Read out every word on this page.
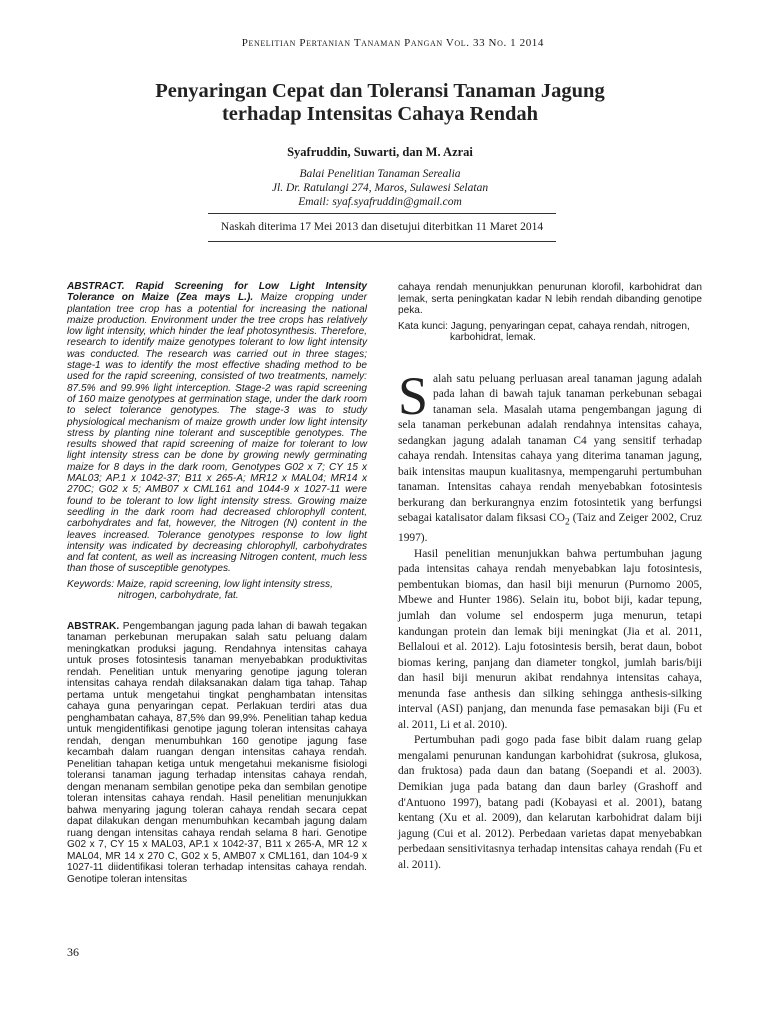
Penelitian Pertanian Tanaman Pangan Vol. 33 No. 1 2014
Penyaringan Cepat dan Toleransi Tanaman Jagung
terhadap Intensitas Cahaya Rendah
Syafruddin, Suwarti, dan M. Azrai
Balai Penelitian Tanaman Serealia
Jl. Dr. Ratulangi 274, Maros, Sulawesi Selatan
Email: syaf.syafruddin@gmail.com
Naskah diterima 17 Mei 2013 dan disetujui diterbitkan 11 Maret 2014

ABSTRACT. Rapid Screening for Low Light Intensity Tolerance on Maize (Zea mays L.). Maize cropping under plantation tree crop has a potential for increasing the national maize production. Environment under the tree crops has relatively low light intensity, which hinder the leaf photosynthesis. Therefore, research to identify maize genotypes tolerant to low light intensity was conducted. The research was carried out in three stages; stage-1 was to identify the most effective shading method to be used for the rapid screening, consisted of two treatments, namely: 87.5% and 99.9% light interception. Stage-2 was rapid screening of 160 maize genotypes at germination stage, under the dark room to select tolerance genotypes. The stage-3 was to study physiological mechanism of maize growth under low light intensity stress by planting nine tolerant and susceptible genotypes. The results showed that rapid screening of maize for tolerant to low light intensity stress can be done by growing newly germinating maize for 8 days in the dark room, Genotypes G02 x 7; CY 15 x MAL03; AP.1 x 1042-37; B11 x 265-A; MR12 x MAL04; MR14 x 270C; G02 x 5; AMB07 x CML161 and 1044-9 x 1027-11 were found to be tolerant to low light intensity stress. Growing maize seedling in the dark room had decreased chlorophyll content, carbohydrates and fat, however, the Nitrogen (N) content in the leaves increased. Tolerance genotypes response to low light intensity was indicated by decreasing chlorophyll, carbohydrates and fat content, as well as increasing Nitrogen content, much less than those of susceptible genotypes.

Keywords: Maize, rapid screening, low light intensity stress, nitrogen, carbohydrate, fat.

ABSTRAK. Pengembangan jagung pada lahan di bawah tegakan tanaman perkebunan merupakan salah satu peluang dalam meningkatkan produksi jagung. Rendahnya intensitas cahaya untuk proses fotosintesis tanaman menyebabkan produktivitas rendah. Penelitian untuk menyaring genotipe jagung toleran intensitas cahaya rendah dilaksanakan dalam tiga tahap. Tahap pertama untuk mengetahui tingkat penghambatan intensitas cahaya guna penyaringan cepat. Perlakuan terdiri atas dua penghambatan cahaya, 87,5% dan 99,9%. Penelitian tahap kedua untuk mengidentifikasi genotipe jagung toleran intensitas cahaya rendah, dengan menumbuhkan 160 genotipe jagung fase kecambah dalam ruangan dengan intensitas cahaya rendah. Penelitian tahapan ketiga untuk mengetahui mekanisme fisiologi toleransi tanaman jagung terhadap intensitas cahaya rendah, dengan menanam sembilan genotipe peka dan sembilan genotipe toleran intensitas cahaya rendah. Hasil penelitian menunjukkan bahwa menyaring jagung toleran cahaya rendah secara cepat dapat dilakukan dengan menumbuhkan kecambah jagung dalam ruang dengan intensitas cahaya rendah selama 8 hari. Genotipe G02 x 7, CY 15 x MAL03, AP.1 x 1042-37, B11 x 265-A, MR 12 x MAL04, MR 14 x 270 C, G02 x 5, AMB07 x CML161, dan 104-9 x 1027-11 diidentifikasi toleran terhadap intensitas cahaya rendah. Genotipe toleran intensitas

cahaya rendah menunjukkan penurunan klorofil, karbohidrat dan lemak, serta peningkatan kadar N lebih rendah dibanding genotipe peka.

Kata kunci: Jagung, penyaringan cepat, cahaya rendah, nitrogen, karbohidrat, lemak.

Salah satu peluang perluasan areal tanaman jagung adalah pada lahan di bawah tajuk tanaman perkebunan sebagai tanaman sela. Masalah utama pengembangan jagung di sela tanaman perkebunan adalah rendahnya intensitas cahaya, sedangkan jagung adalah tanaman C4 yang sensitif terhadap cahaya rendah. Intensitas cahaya yang diterima tanaman jagung, baik intensitas maupun kualitasnya, mempengaruhi pertumbuhan tanaman. Intensitas cahaya rendah menyebabkan fotosintesis berkurang dan berkurangnya enzim fotosintetik yang berfungsi sebagai katalisator dalam fiksasi $CO_2$ (Taiz and Zeiger 2002, Cruz 1997).

Hasil penelitian menunjukkan bahwa pertumbuhan jagung pada intensitas cahaya rendah menyebabkan laju fotosintesis, pembentukan biomas, dan hasil biji menurun (Purnomo 2005, Mbewe and Hunter 1986). Selain itu, bobot biji, kadar tepung, jumlah dan volume sel endosperm juga menurun, tetapi kandungan protein dan lemak biji meningkat (Jia et al. 2011, Bellaloui et al. 2012). Laju fotosintesis bersih, berat daun, bobot biomas kering, panjang dan diameter tongkol, jumlah baris/biji dan hasil biji menurun akibat rendahnya intensitas cahaya, menunda fase anthesis dan silking sehingga anthesis-silking interval (ASI) panjang, dan menunda fase pemasakan biji (Fu et al. 2011, Li et al. 2010).

Pertumbuhan padi gogo pada fase bibit dalam ruang gelap mengalami penurunan kandungan karbohidrat (sukrosa, glukosa, dan fruktosa) pada daun dan batang (Soepandi et al. 2003). Demikian juga pada batang dan daun barley (Grashoff and d'Antuono 1997), batang padi (Kobayasi et al. 2001), batang kentang (Xu et al. 2009), dan kelarutan karbohidrat dalam biji jagung (Cui et al. 2012). Perbedaan varietas dapat menyebabkan perbedaan sensitivitasnya terhadap intensitas cahaya rendah (Fu et al. 2011).

36
